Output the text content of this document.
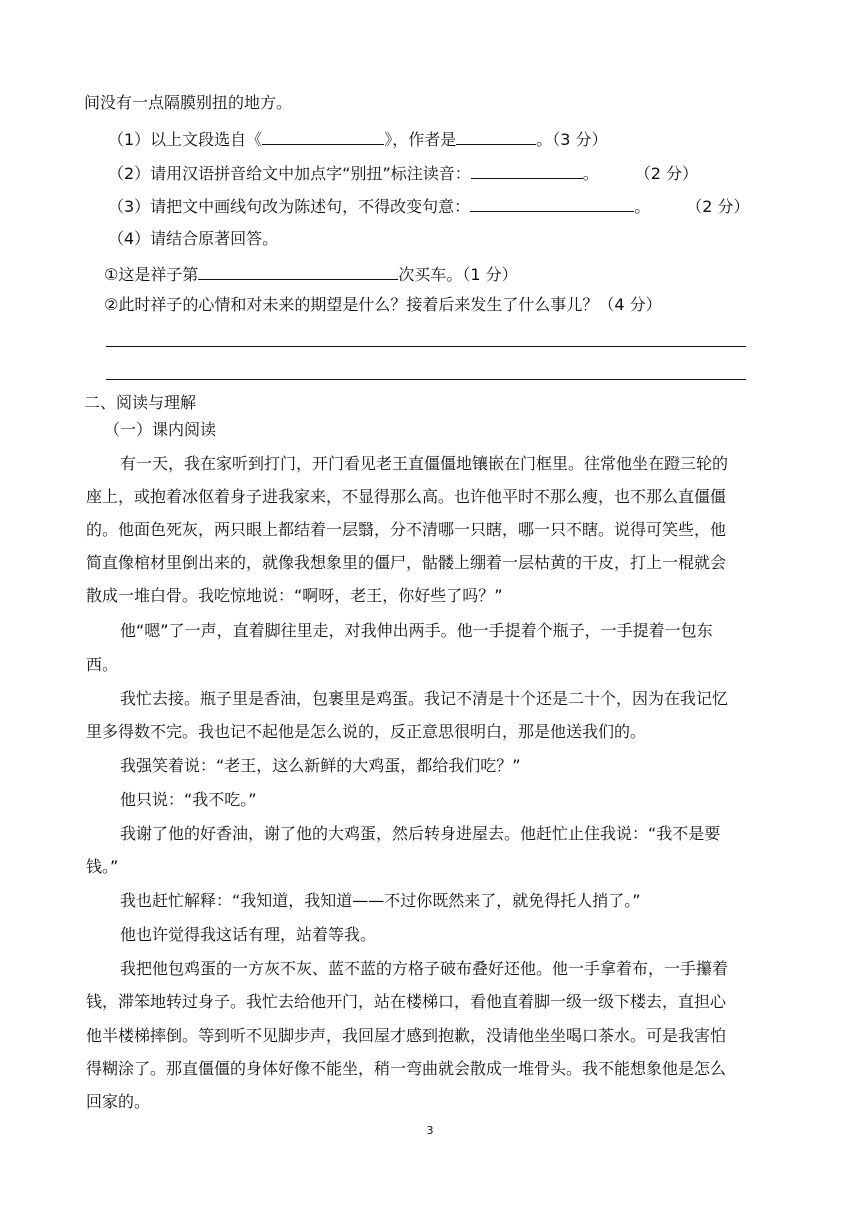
间没有一点隔膜别扭的地方。
（1）以上文段选自《	》，作者是	。（3 分）
（2）请用汉语拼音给文中加点字“别扭”标注读音：	。 （2 分）
（3）请把文中画线句改为陈述句，不得改变句意：	。 （2 分）
（4）请结合原著回答。
①这是祥子第	次买车。（1 分）
②此时祥子的心情和对未来的期望是什么？接着后来发生了什么事儿？（4 分）
二、阅读与理解
（一）课内阅读
有一天，我在家听到打门，开门看见老王直僵僵地镶嵌在门框里。往常他坐在蹬三轮的
座上，或抱着冰伛着身子进我家来，不显得那么高。也许他平时不那么瘦，也不那么直僵僵
的。他面色死灰，两只眼上都结着一层翳，分不清哪一只瞎，哪一只不瞎。说得可笑些，他
简直像棺材里倒出来的，就像我想象里的僵尸，骷髅上绷着一层枯黄的干皮，打上一棍就会
散成一堆白骨。我吃惊地说：“啊呀，老王，你好些了吗？”
他“嗯”了一声，直着脚往里走，对我伸出两手。他一手提着个瓶子，一手提着一包东
西。
我忙去接。瓶子里是香油，包裹里是鸡蛋。我记不清是十个还是二十个，因为在我记忆
里多得数不完。我也记不起他是怎么说的，反正意思很明白，那是他送我们的。
我强笑着说：“老王，这么新鲜的大鸡蛋，都给我们吃？”
他只说：“我不吃。”
我谢了他的好香油，谢了他的大鸡蛋，然后转身进屋去。他赶忙止住我说：“我不是要
钱。”
我也赶忙解释：“我知道，我知道——不过你既然来了，就免得托人捎了。”
他也许觉得我这话有理，站着等我。
我把他包鸡蛋的一方灰不灰、蓝不蓝的方格子破布叠好还他。他一手拿着布，一手攥着
钱，滞笨地转过身子。我忙去给他开门，站在楼梯口，看他直着脚一级一级下楼去，直担心
他半楼梯摔倒。等到听不见脚步声，我回屋才感到抱歉，没请他坐坐喝口茶水。可是我害怕
得糊涂了。那直僵僵的身体好像不能坐，稍一弯曲就会散成一堆骨头。我不能想象他是怎么
回家的。
3
